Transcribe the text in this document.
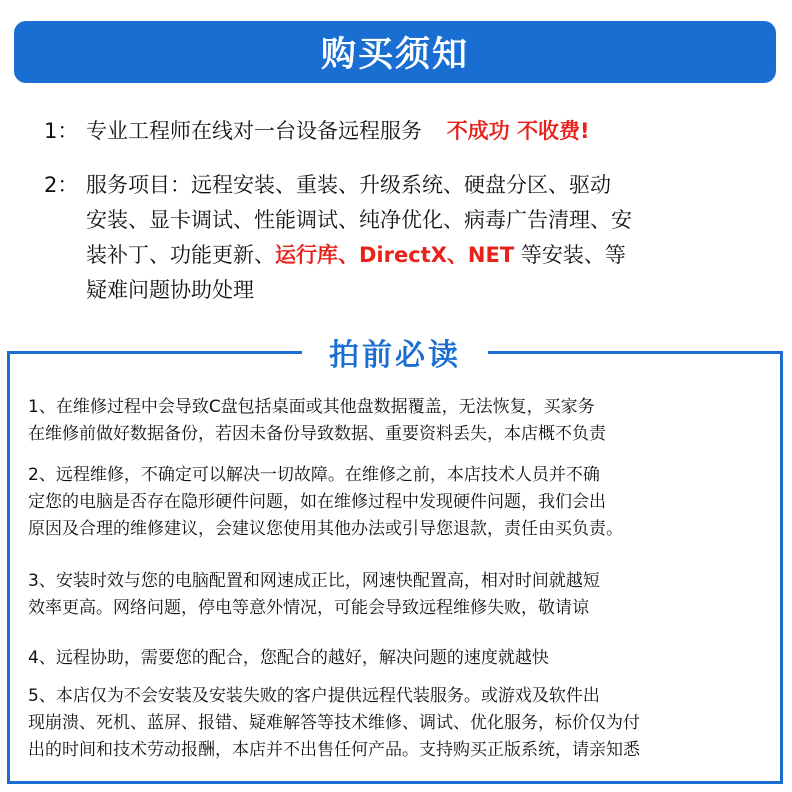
购买须知
1： 专业工程师在线对一台设备远程服务 不成功 不收费!
2： 服务项目：远程安装、重装、升级系统、硬盘分区、驱动
安装、显卡调试、性能调试、纯净优化、病毒广告清理、安
装补丁、功能更新、运行库、DirectX、NET 等安装、等
疑难问题协助处理
拍前必读
1、在维修过程中会导致C盘包括桌面或其他盘数据覆盖，无法恢复，买家务
在维修前做好数据备份，若因未备份导致数据、重要资料丢失，本店概不负责
2、远程维修，不确定可以解决一切故障。在维修之前，本店技术人员并不确
定您的电脑是否存在隐形硬件问题，如在维修过程中发现硬件问题，我们会出
原因及合理的维修建议，会建议您使用其他办法或引导您退款，责任由买负责。
3、安装时效与您的电脑配置和网速成正比，网速快配置高，相对时间就越短
效率更高。网络问题，停电等意外情况，可能会导致远程维修失败，敬请谅
4、远程协助，需要您的配合，您配合的越好，解决问题的速度就越快
5、本店仅为不会安装及安装失败的客户提供远程代装服务。或游戏及软件出
现崩溃、死机、蓝屏、报错、疑难解答等技术维修、调试、优化服务，标价仅为付
出的时间和技术劳动报酬，本店并不出售任何产品。支持购买正版系统，请亲知悉
